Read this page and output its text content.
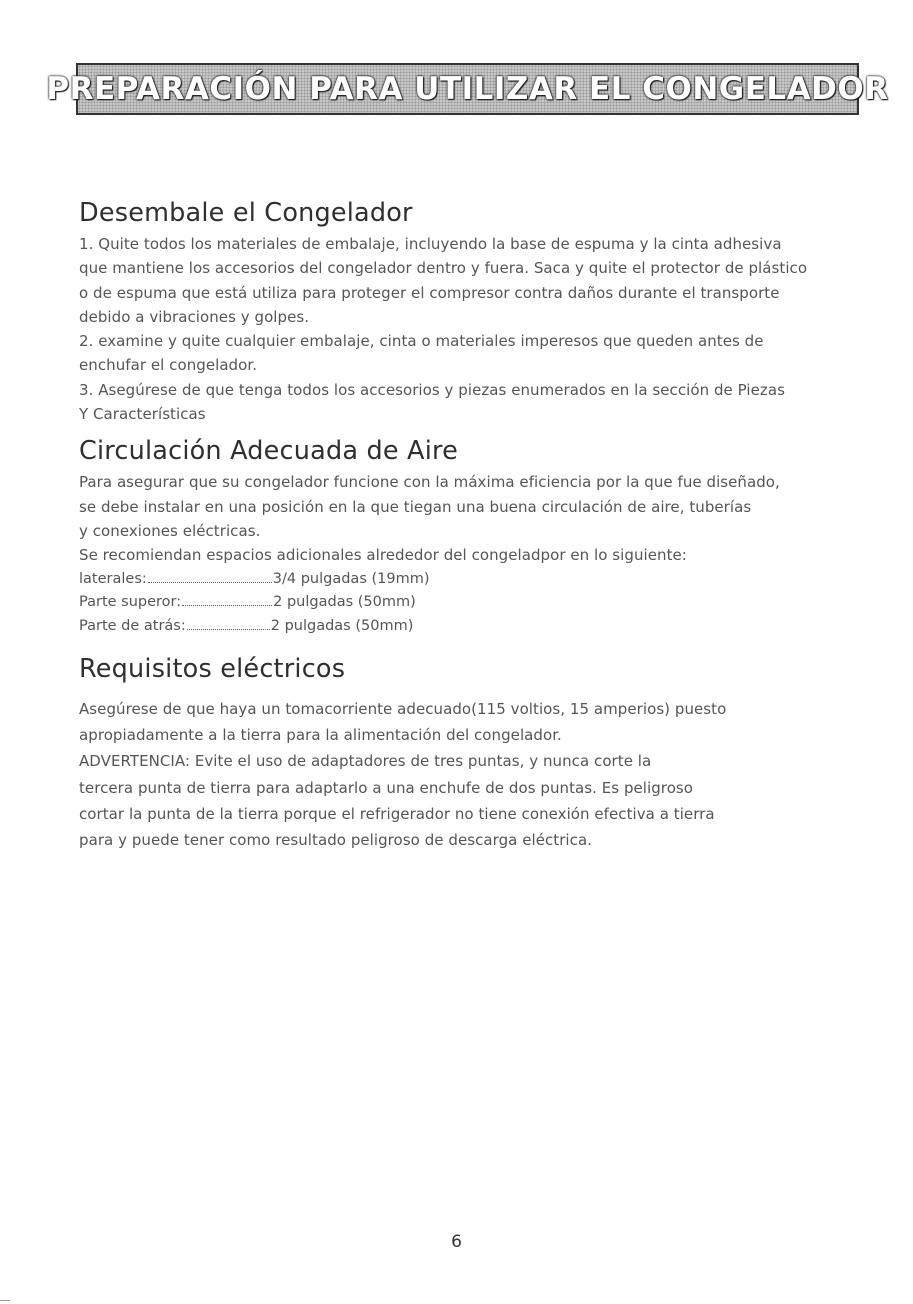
PREPARACIÓN PARA UTILIZAR EL CONGELADOR
Desembale el Congelador

1. Quite todos los materiales de embalaje, incluyendo la base de espuma y la cinta adhesiva
que mantiene los accesorios del congelador dentro y fuera. Saca y quite el protector de plástico
o de espuma que está utiliza para proteger el compresor contra daños durante el transporte
debido a vibraciones y golpes.
2. examine y quite cualquier embalaje, cinta o materiales imperesos que queden antes de
enchufar el congelador.
3. Asegúrese de que tenga todos los accesorios y piezas enumerados en la sección de Piezas
Y Características

Circulación Adecuada de Aire

Para asegurar que su congelador funcione con la máxima eficiencia por la que fue diseñado,
se debe instalar en una posición en la que tiegan una buena circulación de aire, tuberías
y conexiones eléctricas.
Se recomiendan espacios adicionales alrededor del congeladpor en lo siguiente:

laterales:	3/4 pulgadas (19mm)
Parte superor:	2 pulgadas (50mm)
Parte de atrás:	2 pulgadas (50mm)
Requisitos eléctricos

Asegúrese de que haya un tomacorriente adecuado(115 voltios, 15 amperios) puesto
apropiadamente a la tierra para la alimentación del congelador.
ADVERTENCIA: Evite el uso de adaptadores de tres puntas, y nunca corte la
tercera punta de tierra para adaptarlo a una enchufe de dos puntas. Es peligroso
cortar la punta de la tierra porque el refrigerador no tiene conexión efectiva a tierra
para y puede tener como resultado peligroso de descarga eléctrica.

6
